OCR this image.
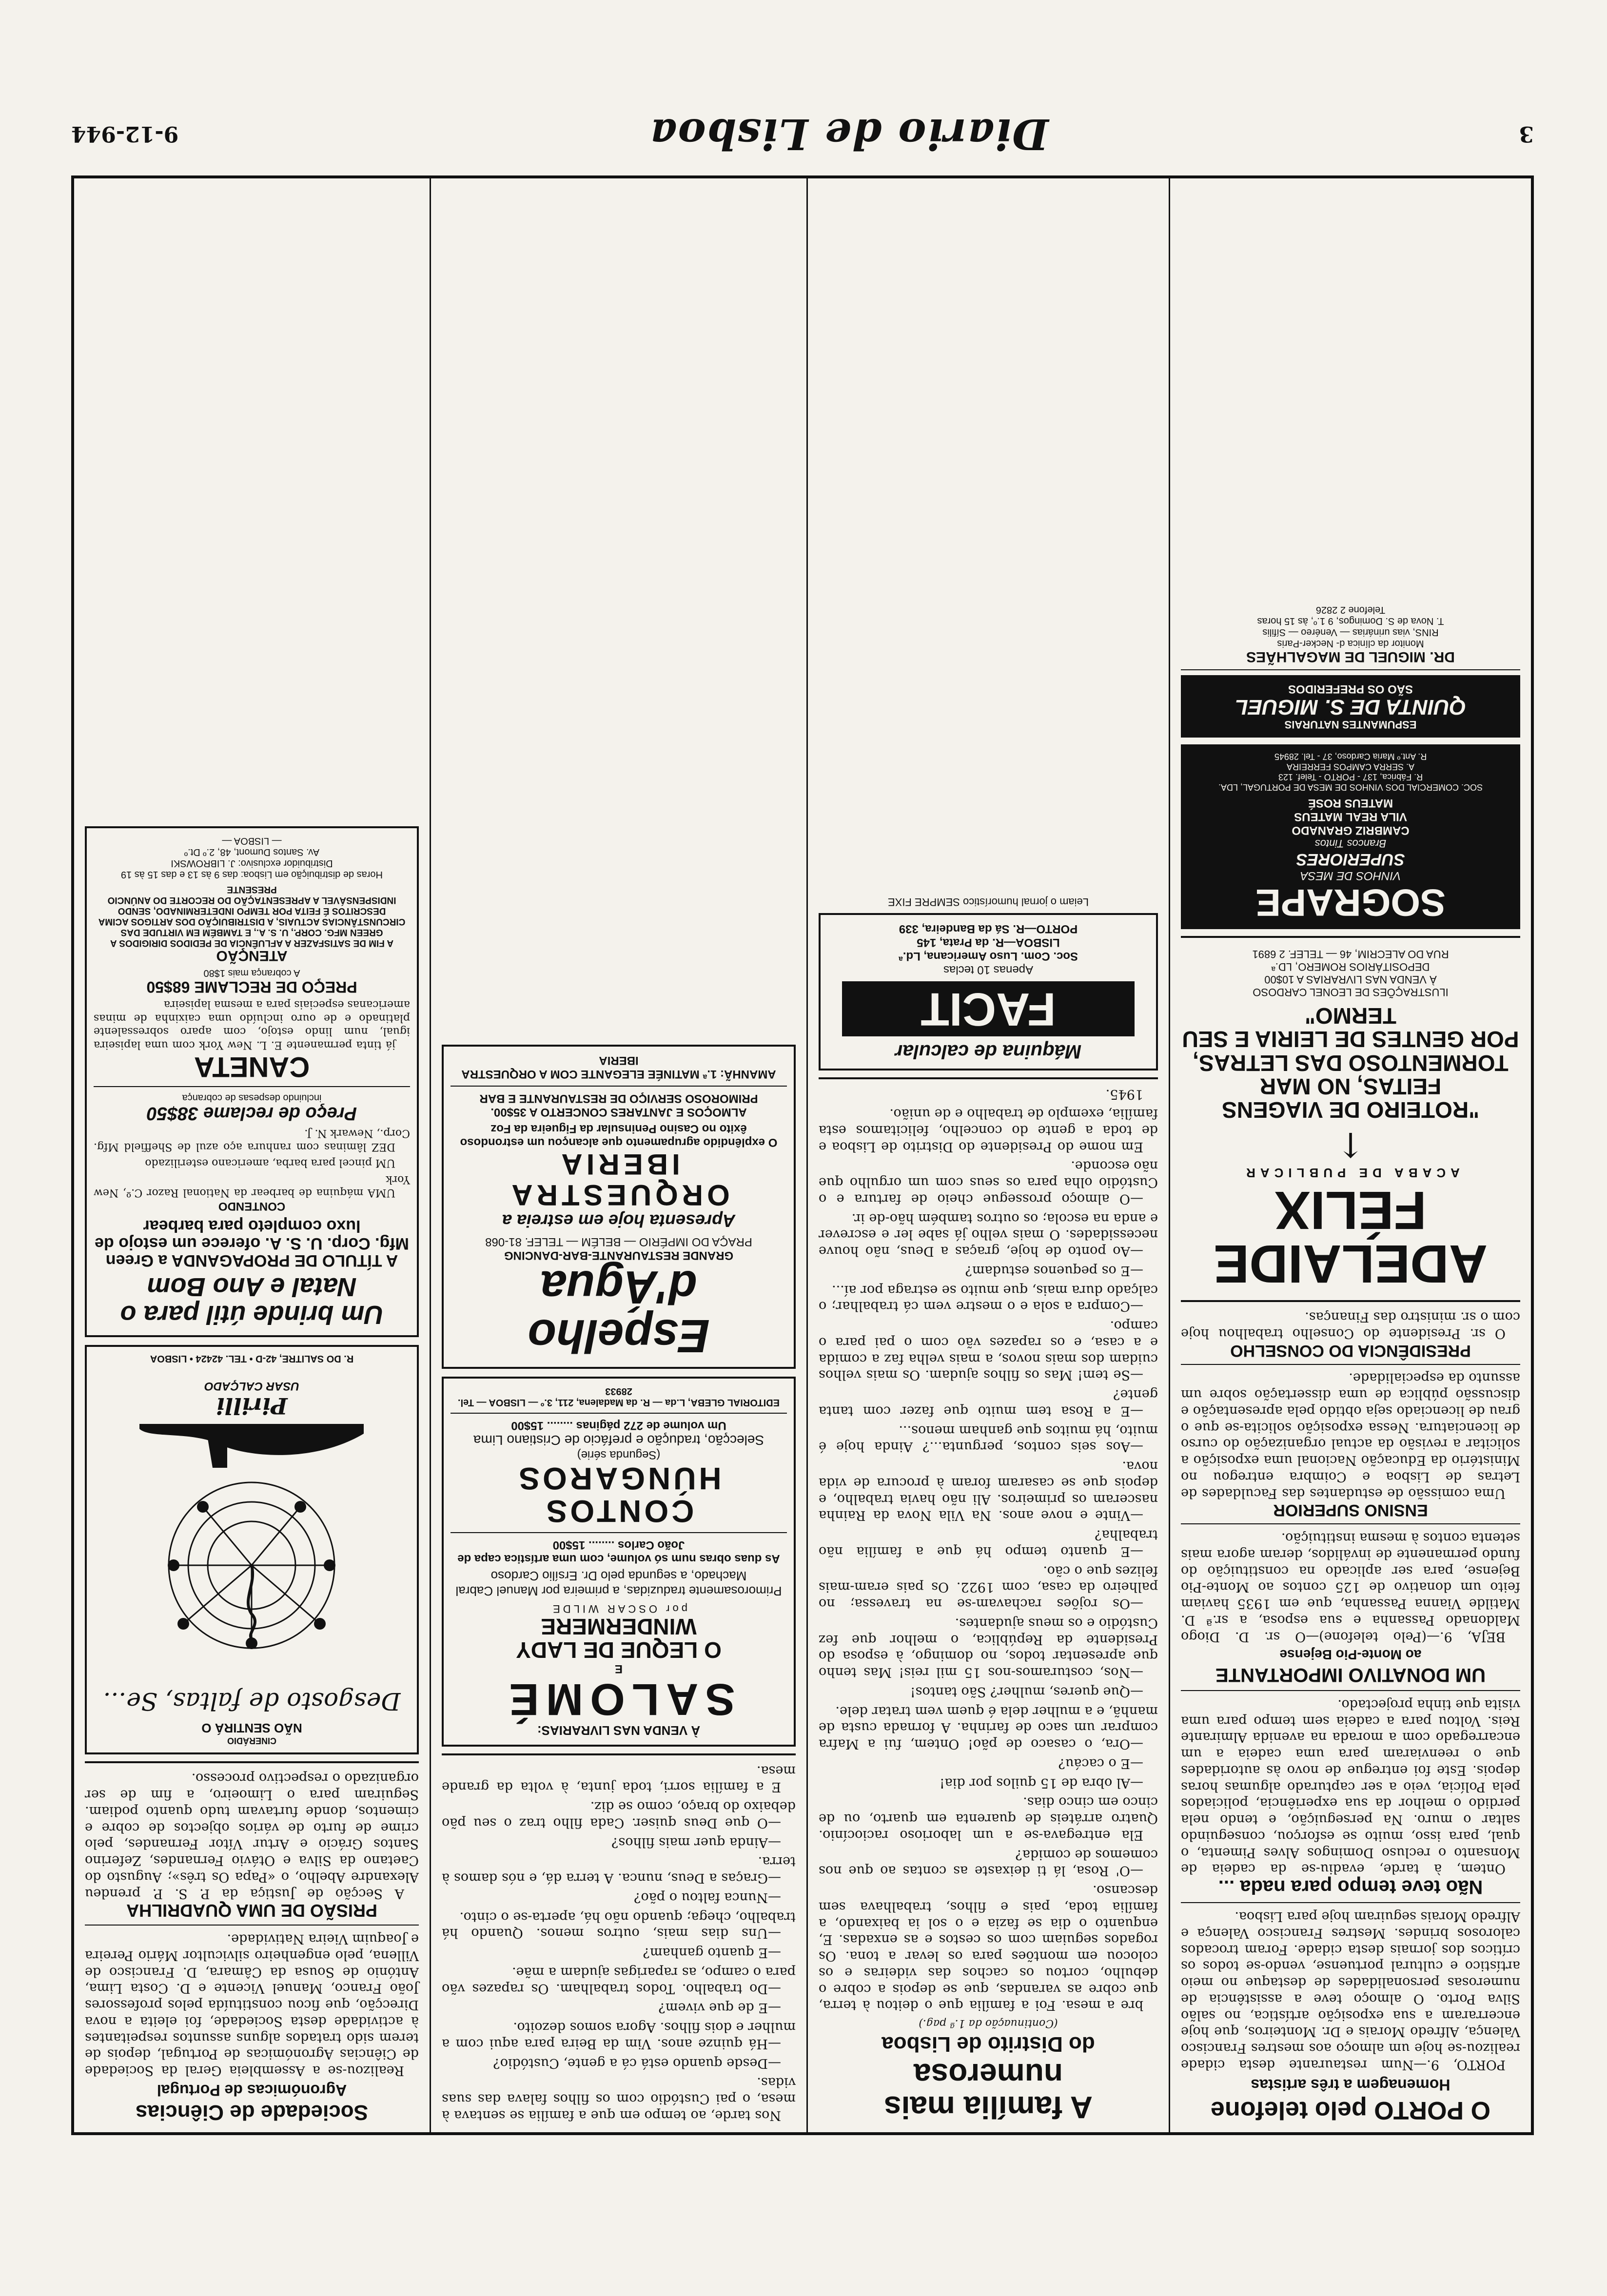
3
Diario de Lisboa
9-12-944
O PORTO pelo telefone
Homenagem a três artistas

PORTO, 9.—Num restaurante desta cidade realizou-se hoje um almoço aos mestres Francisco Valença, Alfredo Morais e Dr. Monteiros, que hoje encerraram a sua exposição artística, no salão Silva Porto. O almoço teve a assistência de numerosas personalidades de destaque no meio artístico e cultural portuense, vendo-se todos os críticos dos jornais desta cidade. Foram trocados calorosos brindes. Mestres Francisco Valença e Alfredo Morais seguiram hoje para Lisboa.

Não teve tempo para nada ...

Ontem, à tarde, evadiu-se da cadeia de Monsanto o recluso Domingos Alves Pimenta, o qual, para isso, muito se esforçou, conseguindo saltar o muro. Na perseguição, e tendo nela perdido o melhor da sua experiência, policiados pela Polícia, veio a ser capturado algumas horas depois. Este foi entregue de novo às autoridades que o reenviaram para uma cadeia a um encarregado com a morada na avenida Almirante Reis. Voltou para a cadeia sem tempo para uma visita que tinha projectado.

UM DONATIVO IMPORTANTE
ao Monte-Pio Bejense

BEJA, 9.—(Pelo telefone)—O sr. D. Diogo Maldonado Passanha e sua esposa, a sr.ª D. Matilde Vianna Passanha, que em 1935 haviam feito um donativo de 125 contos ao Monte-Pio Bejense, para ser aplicado na constituição do fundo permanente de inválidos, deram agora mais setenta contos à mesma instituição.

ENSINO SUPERIOR

Uma comissão de estudantes das Faculdades de Letras de Lisboa e Coimbra entregou no Ministério da Educação Nacional uma exposição a solicitar a revisão da actual organização do curso de licenciatura. Nessa exposição solicita-se que o grau de licenciado seja obtido pela apresentação e discussão pública de uma dissertação sobre um assunto da especialidade.

PRESIDÊNCIA DO CONSELHO

O sr. Presidente do Conselho trabalhou hoje com o sr. ministro das Finanças.

ADELAIDE FÉLIX
ACABA DE PUBLICAR
↑
"ROTEIRO DE VIAGENS FEITAS, NO MAR TORMENTOSO DAS LETRAS, POR GENTES DE LEIRIA E SEU TERMO"
ILUSTRAÇÕES DE LEONEL CARDOSO
À VENDA NAS LIVRARIAS A 10$00
DEPOSITÁRIOS ROMERO, LD.ª
RUA DO ALECRIM, 46 — TELEF. 2 6891
SOGRAPE
VINHOS DE MESA
SUPERIORES
Brancos Tintos
CAMBRIZ GRANADO
VILA REAL MATEUS
MATEUS ROSÉ
SOC. COMERCIAL DOS VINHOS DE MESA DE PORTUGAL, LDA.
R. Fábrica, 137 - PORTO - Telef. 123
A. SERRA CAMPOS FERREIRA
R. Ant.º Maria Cardoso, 37 - Tel. 28945
ESPUMANTES NATURAIS
QUINTA DE S. MIGUEL
SÃO OS PREFERIDOS
DR. MIGUEL DE MAGALHÃES
Monitor da clínica d- Necker-Paris
RINS, vias urinárias — Venéreo — Sífilis
T. Nova de S. Domingos, 9 1.º, às 15 horas
Telefone 2 2826
A família mais numerosa
do Distrito de Lisboa
(Continuação da 1.ª pag.)

bre a mesa. Foi a família que o deitou à terra, que cobre as varandas, que se depois a cobre o debulho, cortou os cachos das videiras e os colocou em montões para os levar a tona. Os rogados seguiam com os cestos e as enxadas. E, enquanto o dia se fazia e o sol ia baixando, a família toda, pais e filhos, trabalhava sem descanso.

—O' Rosa, lá ti deixaste as contas ao que nos comemos de comida?

Ela entregava-se a um laborioso raciocínio. Quatro arráteis de quarenta em quarto, ou de cinco em cinco dias.

—Al obra de 15 quilos por dia!

—E o cacáu?

—Ora, o casaco de pão! Ontem, fui a Mafra comprar um saco de farinha. A fornada custa de manhã, e a mulher dela é quem vem tratar dele.

—Que queres, mulher? São tantos!

—Nos, costuramos-nos 15 mil reis! Mas tenho que apresentar todos, no domingo, à esposa do Presidente da República, o melhor que fez Custódio e os meus ajudantes.

—Os rojões rachavam-se na travessa; no palheiro da casa, com 1922. Os pais eram-mais felizes que o cão.

—E quanto tempo há que a família não trabalha?

—Vinte e nove anos. Na Vila Nova da Rainha nasceram os primeiros. Ali não havia trabalho, e depois que se casaram foram à procura de vida nova.

—Aos seis contos, pergunta...? Ainda hoje é muito, há muitos que ganham menos...

—E a Rosa tem muito que fazer com tanta gente?

—Se tem! Mas os filhos ajudam. Os mais velhos cuidam dos mais novos, a mais velha faz a comida e a casa, e os rapazes vão com o pai para o campo.

—Compra a sola e o mestre vem cá trabalhar; o calçado dura mais, que muito se estraga por aí...

—E os pequenos estudam?

—Ao ponto de hoje, graças a Deus, não houve necessidades. O mais velho já sabe ler e escrever e anda na escola; os outros também hão-de ir.

—O almoço prossegue cheio de fartura e o Custódio olha para os seus com um orgulho que não esconde.

Em nome do Presidente do Distrito de Lisboa e de toda a gente do concelho, felicitamos esta família, exemplo de trabalho e de união.

1945.

Máquina de calcular
FACIT
Apenas 10 teclas
Soc. Com. Luso Americana, Ld.ª
LISBOA—R. da Prata, 145
PORTO—R. Sá da Bandeira, 339
Leiam o jornal humorístico SEMPRE FIXE

Nos tarde, ao tempo em que a família se sentava à mesa, o pai Custódio com os filhos falava das suas vidas.

—Desde quando está cá a gente, Custódio?

—Há quinze anos. Vim da Beira para aqui com a mulher e dois filhos. Agora somos dezoito.

—E de que vivem?

—Do trabalho. Todos trabalham. Os rapazes vão para o campo, as raparigas ajudam a mãe.

—E quanto ganham?

—Uns dias mais, outros menos. Quando há trabalho, chega; quando não há, aperta-se o cinto.

—Nunca faltou o pão?

—Graças a Deus, nunca. A terra dá, e nós damos à terra.

—Ainda quer mais filhos?

—O que Deus quiser. Cada filho traz o seu pão debaixo do braço, como se diz.

E a família sorri, toda junta, à volta da grande mesa.

À VENDA NAS LIVRARIAS:
SALOMÉ
E
O LEQUE DE LADY WINDERMERE
por OSCAR WILDE
Primorosamente traduzidas, a primeira por Manuel Cabral Machado, a segunda pelo Dr. Ersílio Cardoso
As duas obras num só volume, com uma artística capa de João Carlos ........ 15$00
CONTOS HÚNGAROS
(Segunda série)
Selecção, tradução e prefácio de Cristiano Lima
Um volume de 272 páginas ........ 15$00
EDITORIAL GLEBA, L.da — R. da Madalena, 211, 3.º — LISBOA — Tel. 28933
Espelho d'Água
GRANDE RESTAURANTE-BAR-DANCING
PRAÇA DO IMPÉRIO — BELÉM — TELEF. 81-068
Apresenta hoje em estreia a
ORQUESTRA IBERIA
O explêndido agrupamento que alcançou um estrondoso êxito no Casino Peninsular da Figueira da Foz
ALMOÇOS E JANTARES CONCERTO A 35$00.
PRIMOROSO SERVIÇO DE RESTAURANTE E BAR
AMANHÃ: 1.ª MATINÉE ELEGANTE COM A ORQUESTRA IBERIA
Sociedade de Ciências
Agronómicas de Portugal

Realizou-se a Assembleia Geral da Sociedade de Ciências Agronómicas de Portugal, depois de terem sido tratados alguns assuntos respeitantes à actividade desta Sociedade, foi eleita a nova Direcção, que ficou constituída pelos professores João Franco, Manuel Vicente e D. Costa Lima, António de Sousa da Câmara, D. Francisco de Villena, pelo engenheiro silvicultor Mário Pereira e Joaquim Vieira Natividade.

PRISÃO DE UMA QUADRILHA

A Secção de Justiça da P. S. P. prendeu Alexandre Abelho, o «Papa Os três»; Augusto do Caetano da Silva e Otávio Fernandes, Zeferino Santos Grácio e Artur Vítor Fernandes, pelo crime de furto de vários objectos de cobre e cimentos, donde furtavam tudo quanto podiam. Seguiram para o Limoeiro, a fim de ser organizado o respectivo processo.

CINERÁDIO
NÃO SENTIRÁ O
Desgosto de faltas, Se...
Pirilli
USAR CALÇADO
R. DO SALITRE, 42-D • TEL. 42424 • LISBOA
Um brinde útil para o Natal e Ano Bom
A TÍTULO DE PROPAGANDA a Green Mfg. Corp. U. S. A. oferece um estojo de luxo completo para barbear
CONTENDO

UMA máquina de barbear da National Razor C.º, New York

UM pincel para barba, americano esterilizado

DEZ lâminas com ranhura aço azul de Sheffield Mfg. Corp., Newark N. J.

Preço de reclame 38$50
incluindo despesas de cobrança
CANETA

já tinta permanente E. L. New York com uma lapiseira igual, num lindo estojo, com aparo sobressalente platinado e de ouro incluído uma caixinha de minas americanas especiais para a mesma lapiseira

PREÇO DE RECLAME 68$50
A cobrança mais 1$80
ATENÇÃO
A FIM DE SATISFAZER A AFLUÊNCIA DE PEDIDOS DIRIGIDOS A GREEN MFG. CORP., U. S. A., E TAMBÉM EM VIRTUDE DAS CIRCUNSTÂNCIAS ACTUAIS, A DISTRIBUIÇÃO DOS ARTIGOS ACIMA DESCRITOS É FEITA POR TEMPO INDETERMINADO, SENDO INDISPENSÁVEL A APRESENTAÇÃO DO RECORTE DO ANÚNCIO PRESENTE
Horas de distribuição em Lisboa: das 9 às 13 e das 15 às 19
Distribuidor exclusivo: J. LIBROWSKI
Av. Santos Dumont, 48, 2.º Dt.º
— LISBOA —
